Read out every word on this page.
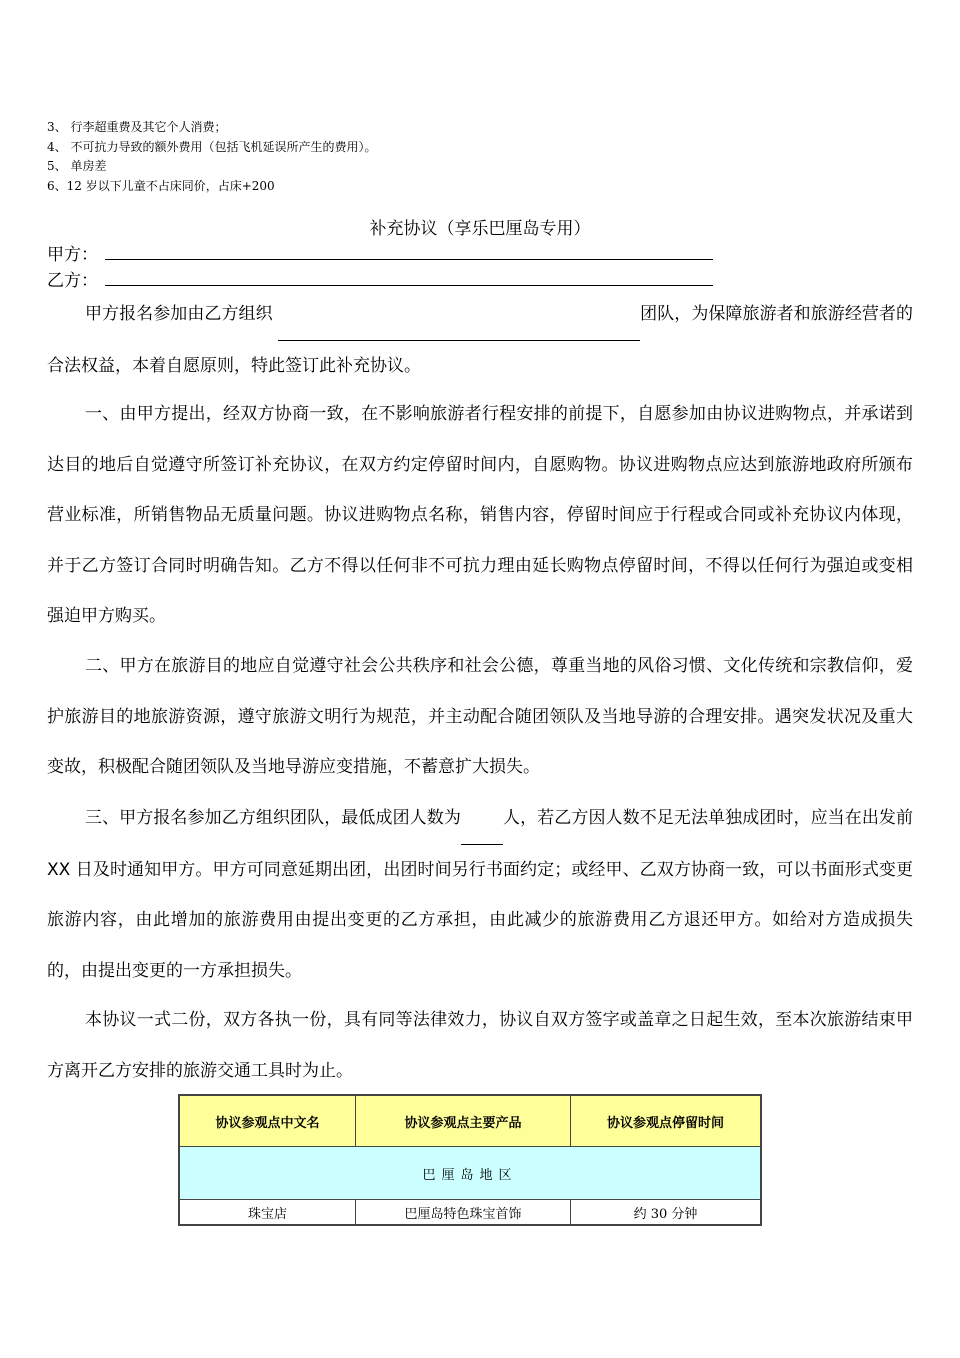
3、 行李超重费及其它个人消费；
4、 不可抗力导致的额外费用（包括飞机延误所产生的费用）。
5、 单房差
6、12 岁以下儿童不占床同价，占床+200
补充协议（享乐巴厘岛专用）
甲方：
乙方：
甲方报名参加由乙方组织	团队，为保障旅游者和旅游经营者的合法权益，本着自愿原则，特此签订此补充协议。
一、由甲方提出，经双方协商一致，在不影响旅游者行程安排的前提下，自愿参加由协议进购物点，并承诺到达目的地后自觉遵守所签订补充协议，在双方约定停留时间内，自愿购物。协议进购物点应达到旅游地政府所颁布营业标准，所销售物品无质量问题。协议进购物点名称，销售内容，停留时间应于行程或合同或补充协议内体现，并于乙方签订合同时明确告知。乙方不得以任何非不可抗力理由延长购物点停留时间，不得以任何行为强迫或变相强迫甲方购买。
二、甲方在旅游目的地应自觉遵守社会公共秩序和社会公德，尊重当地的风俗习惯、文化传统和宗教信仰，爱护旅游目的地旅游资源，遵守旅游文明行为规范，并主动配合随团领队及当地导游的合理安排。遇突发状况及重大变故，积极配合随团领队及当地导游应变措施，不蓄意扩大损失。
三、甲方报名参加乙方组织团队，最低成团人数为 人，若乙方因人数不足无法单独成团时，应当在出发前 XX 日及时通知甲方。甲方可同意延期出团，出团时间另行书面约定；或经甲、乙双方协商一致，可以书面形式变更旅游内容，由此增加的旅游费用由提出变更的乙方承担，由此减少的旅游费用乙方退还甲方。如给对方造成损失的，由提出变更的一方承担损失。
本协议一式二份，双方各执一份，具有同等法律效力，协议自双方签字或盖章之日起生效，至本次旅游结束甲方离开乙方安排的旅游交通工具时为止。
协议参观点中文名	协议参观点主要产品	协议参观点停留时间
巴厘岛地区		
珠宝店	巴厘岛特色珠宝首饰	约 30 分钟
